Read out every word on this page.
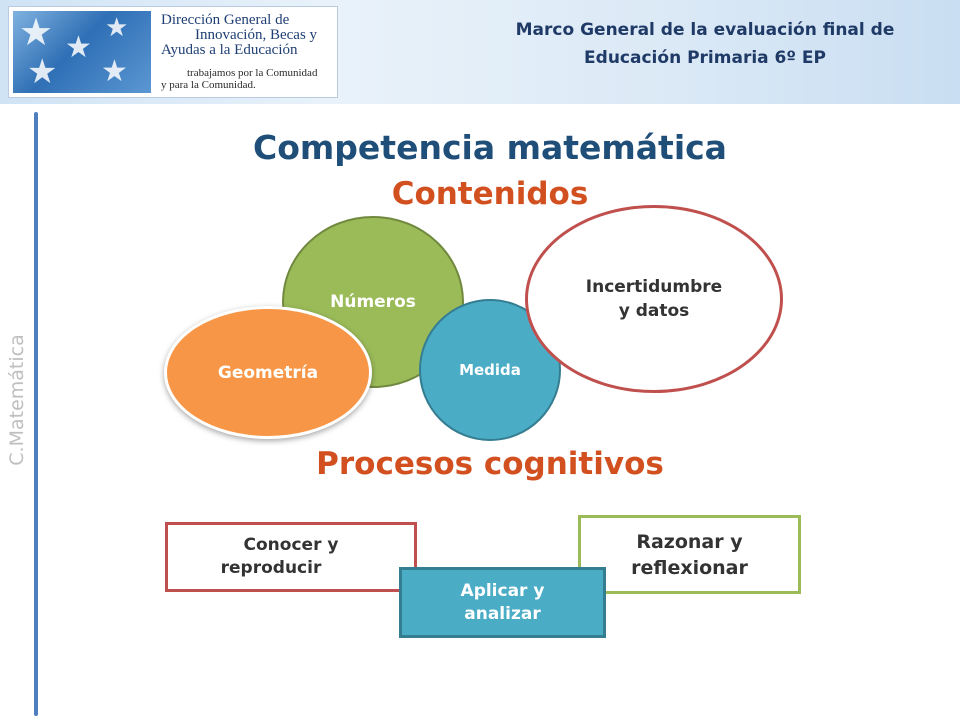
★ ★
★
★
★
Dirección General de
Innovación, Becas y
Ayudas a la Educación
trabajamos por la Comunidad
y para la Comunidad.
Marco General de la evaluación final de
Educación Primaria 6º EP
C.Matemática
Competencia matemática
Contenidos
Números
Medida
Incertidumbre
y datos
Geometría
Procesos cognitivos
Conocer y
reproducir
Razonar y
reflexionar
Aplicar y
analizar
